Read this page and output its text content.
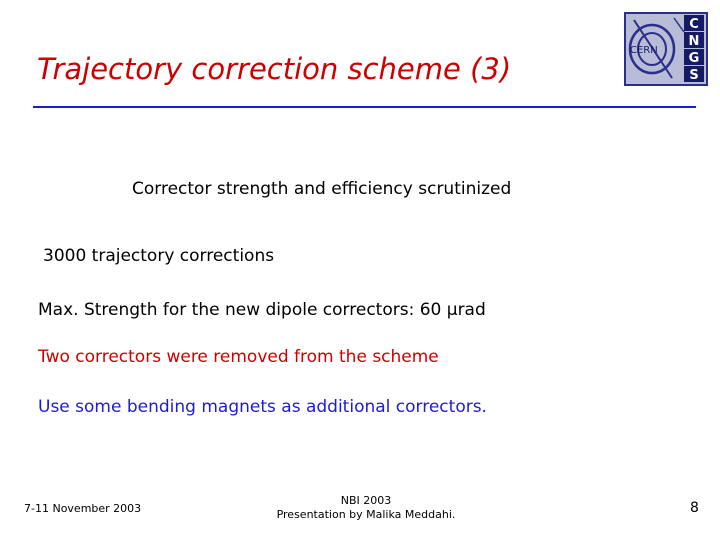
Trajectory correction scheme (3)
CERN
C
N
G
S
Corrector strength and efficiency scrutinized
3000 trajectory corrections
Max. Strength for the new dipole correctors: 60 μrad
Two correctors were removed from the scheme
Use some bending magnets as additional correctors.
7-11 November 2003
NBI 2003
Presentation by Malika Meddahi.	8
